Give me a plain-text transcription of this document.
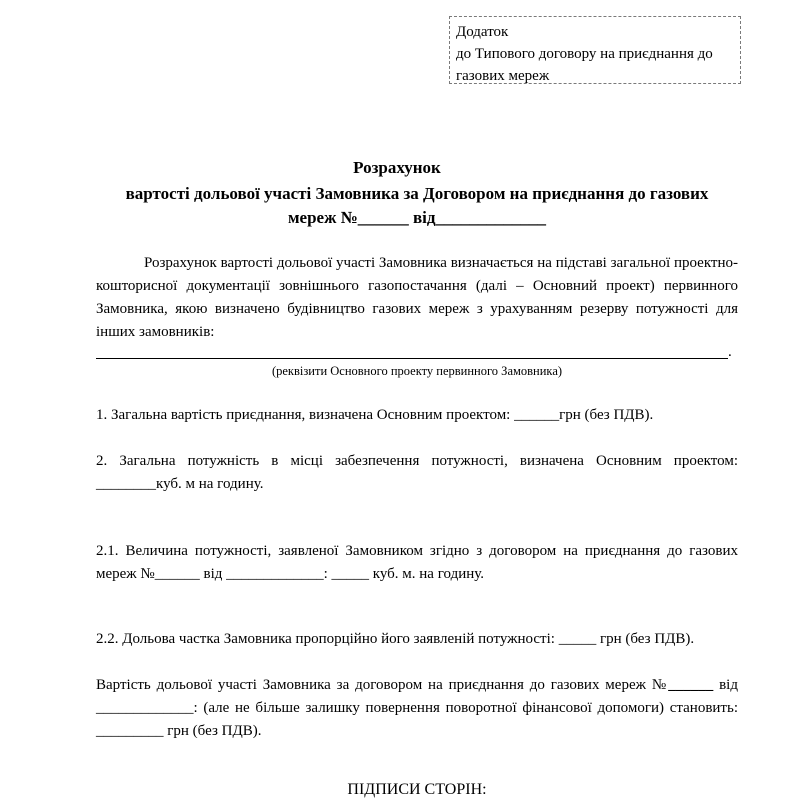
Додаток
до Типового договору на приєднання до
газових мереж
Розрахунок
вартості дольової участі Замовника за Договором на приєднання до газових
мереж №______ від_____________
Розрахунок вартості дольової участі Замовника визначається на підставі загальної проектно-кошторисної документації зовнішнього газопостачання (далі – Основний проект) первинного Замовника, якою визначено будівництво газових мереж з урахуванням резерву потужності для інших замовників:
.
(реквізити Основного проекту первинного Замовника)
1. Загальна вартість приєднання, визначена Основним проектом: ______грн (без ПДВ).
2. Загальна потужність в місці забезпечення потужності, визначена Основним проектом: ________куб. м на годину.
2.1. Величина потужності, заявленої Замовником згідно з договором на приєднання до газових мереж №______ від _____________: _____ куб. м. на годину.
2.2. Дольова частка Замовника пропорційно його заявленій потужності: _____ грн (без ПДВ).
Вартість дольової участі Замовника за договором на приєднання до газових мереж №______ від _____________: (але не більше залишку повернення поворотної фінансової допомоги) становить: _________ грн (без ПДВ).
ПІДПИСИ СТОРІН:
